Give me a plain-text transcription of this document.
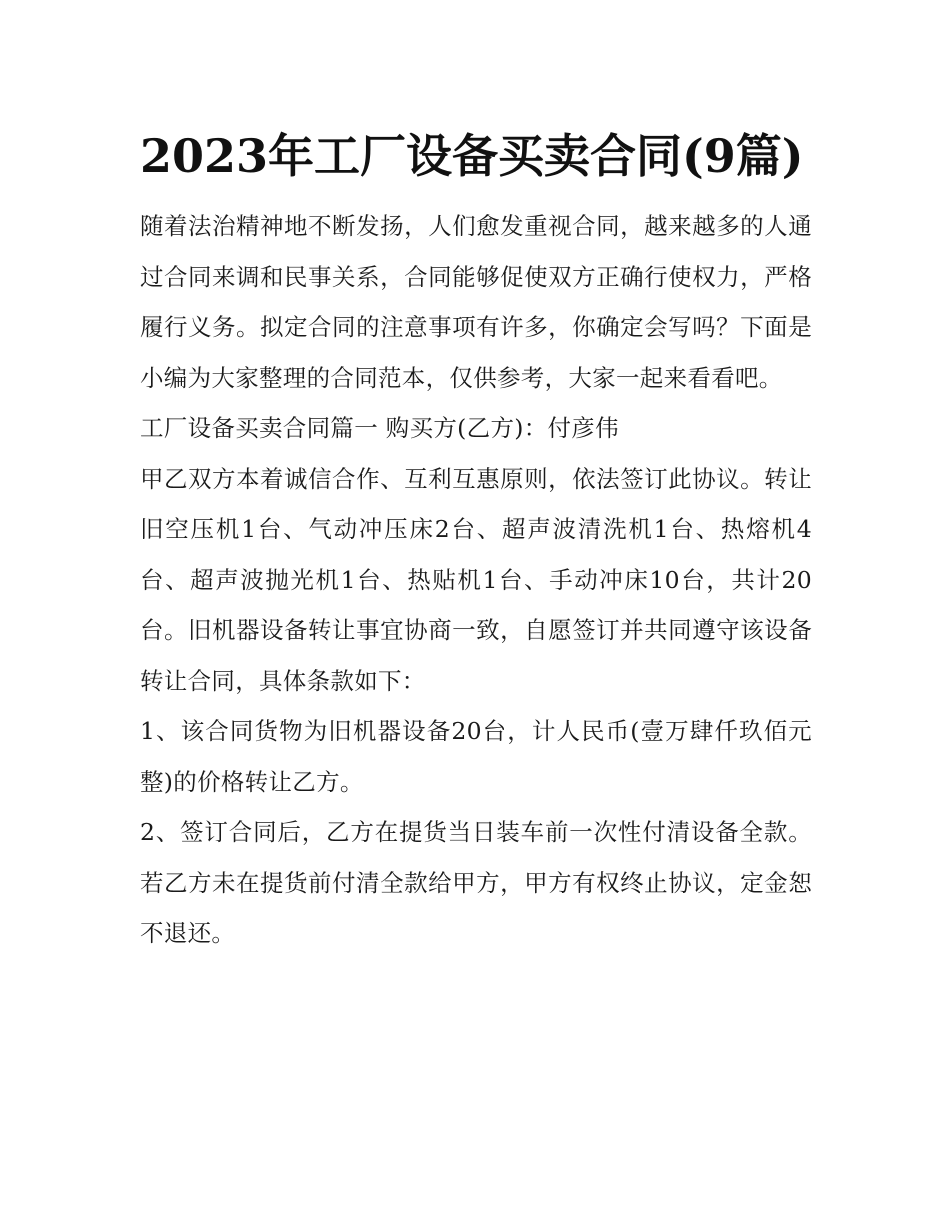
2023年工厂设备买卖合同(9篇)

随着法治精神地不断发扬，人们愈发重视合同，越来越多的人通过合同来调和民事关系，合同能够促使双方正确行使权力，严格履行义务。拟定合同的注意事项有许多，你确定会写吗？下面是小编为大家整理的合同范本，仅供参考，大家一起来看看吧。

工厂设备买卖合同篇一 购买方(乙方)：付彦伟

甲乙双方本着诚信合作、互利互惠原则，依法签订此协议。转让旧空压机1台、气动冲压床2台、超声波清洗机1台、热熔机4台、超声波抛光机1台、热贴机1台、手动冲床10台，共计20台。旧机器设备转让事宜协商一致，自愿签订并共同遵守该设备转让合同，具体条款如下：

1、该合同货物为旧机器设备20台，计人民币(壹万肆仟玖佰元整)的价格转让乙方。

2、签订合同后，乙方在提货当日装车前一次性付清设备全款。若乙方未在提货前付清全款给甲方，甲方有权终止协议，定金恕不退还。
